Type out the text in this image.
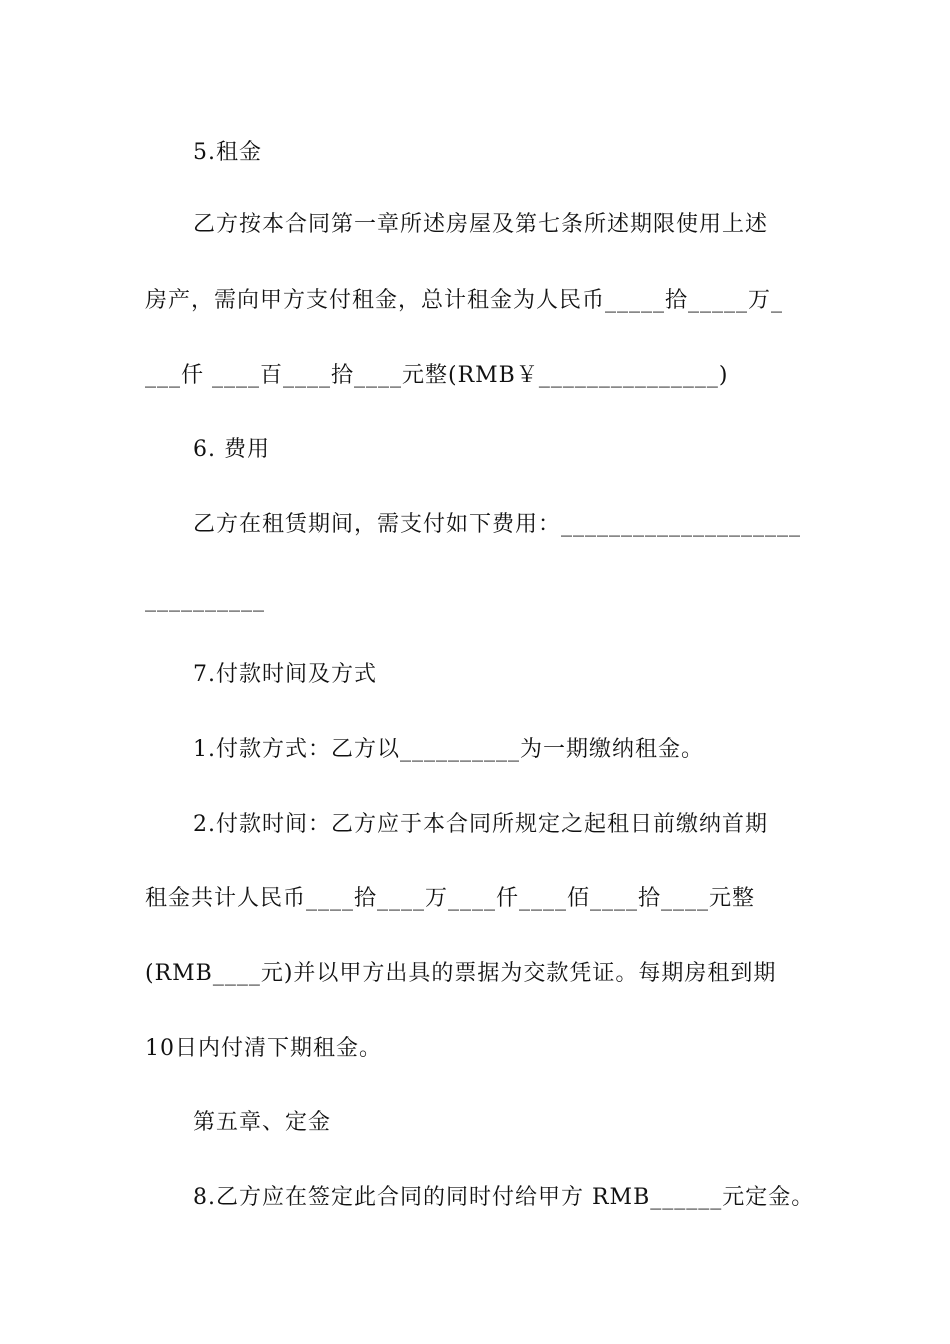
5.租金
乙方按本合同第一章所述房屋及第七条所述期限使用上述
房产，需向甲方支付租金，总计租金为人民币_____拾_____万_
___仟 ____百____拾____元整(RMB￥_______________)
6. 费用
乙方在租赁期间，需支付如下费用：____________________
__________
7.付款时间及方式
1.付款方式：乙方以__________为一期缴纳租金。
2.付款时间：乙方应于本合同所规定之起租日前缴纳首期
租金共计人民币____拾____万____仟____佰____拾____元整
(RMB____元)并以甲方出具的票据为交款凭证。每期房租到期
10日内付清下期租金。
第五章、定金
8.乙方应在签定此合同的同时付给甲方 RMB______元定金。
